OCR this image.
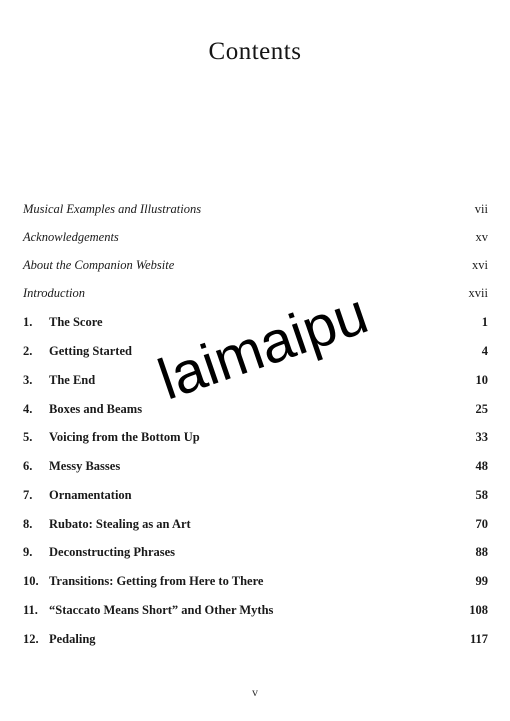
Contents
Musical Examples and Illustrations	vii
Acknowledgements	xv
About the Companion Website	xvi
Introduction	xvii
1.	The Score	1
2.	Getting Started	4
3.	The End	10
4.	Boxes and Beams	25
5.	Voicing from the Bottom Up	33
6.	Messy Basses	48
7.	Ornamentation	58
8.	Rubato: Stealing as an Art	70
9.	Deconstructing Phrases	88
10. Transitions: Getting from Here to There	99
11. “Staccato Means Short” and Other Myths	108
12. Pedaling	117
laimaipu
v
